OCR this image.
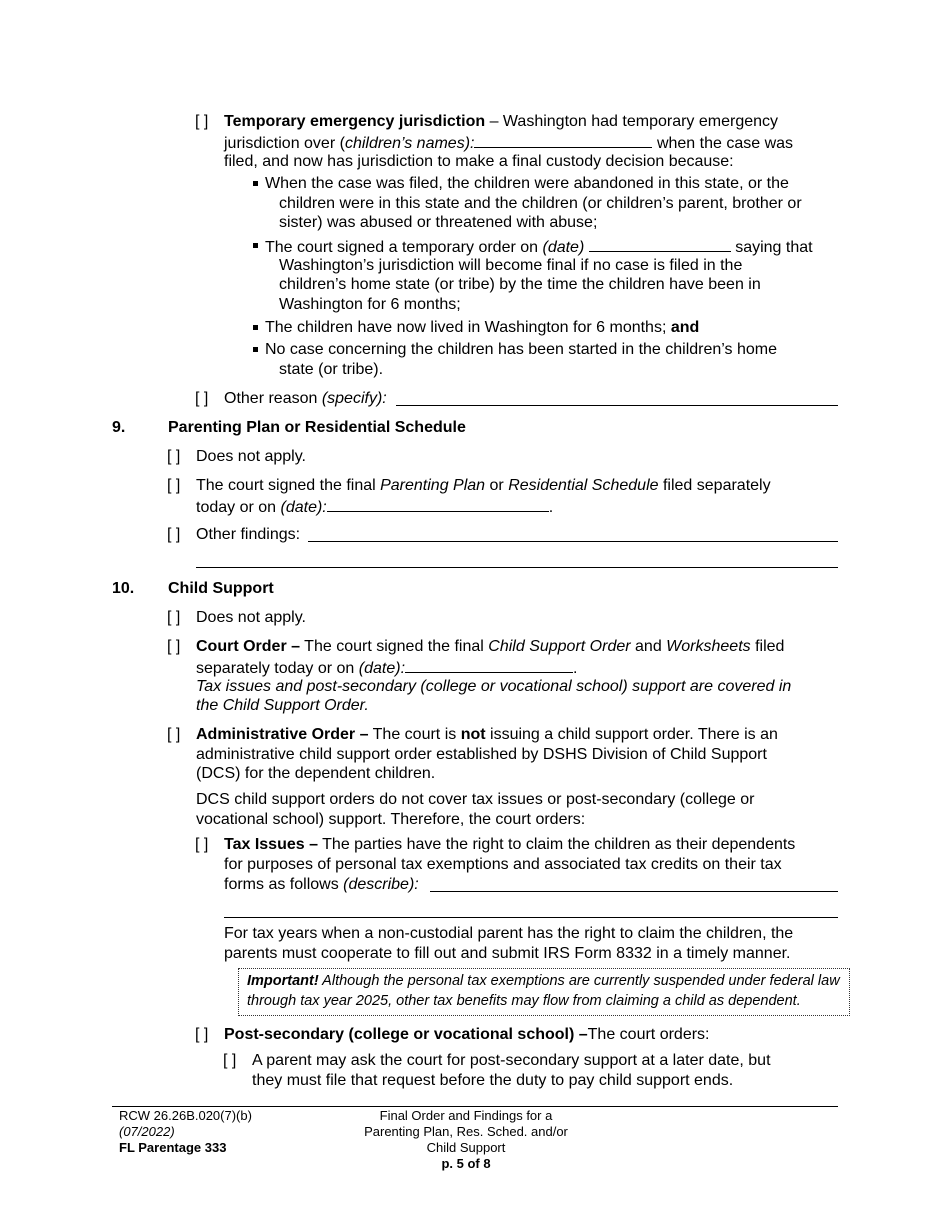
[ ] Temporary emergency jurisdiction – Washington had temporary emergency
jurisdiction over (children’s names):	when the case was
filed, and now has jurisdiction to make a final custody decision because:
When the case was filed, the children were abandoned in this state, or the
children were in this state and the children (or children’s parent, brother or
sister) was abused or threatened with abuse;
The court signed a temporary order on (date)	saying that
Washington’s jurisdiction will become final if no case is filed in the
children’s home state (or tribe) by the time the children have been in
Washington for 6 months;
The children have now lived in Washington for 6 months; and
No case concerning the children has been started in the children’s home
state (or tribe).
[ ] Other reason (specify):
9.	Parenting Plan or Residential Schedule
[ ] Does not apply.
[ ] The court signed the final Parenting Plan or Residential Schedule filed separately
today or on (date):	.
[ ] Other findings:
10. Child Support
[ ] Does not apply.
[ ] Court Order – The court signed the final Child Support Order and Worksheets filed
separately today or on (date):	.
Tax issues and post-secondary (college or vocational school) support are covered in
the Child Support Order.
[ ] Administrative Order – The court is not issuing a child support order. There is an
administrative child support order established by DSHS Division of Child Support
(DCS) for the dependent children.
DCS child support orders do not cover tax issues or post-secondary (college or
vocational school) support. Therefore, the court orders:
[ ] Tax Issues – The parties have the right to claim the children as their dependents
for purposes of personal tax exemptions and associated tax credits on their tax
forms as follows (describe):
For tax years when a non-custodial parent has the right to claim the children, the
parents must cooperate to fill out and submit IRS Form 8332 in a timely manner.
Important! Although the personal tax exemptions are currently suspended under federal law
through tax year 2025, other tax benefits may flow from claiming a child as dependent.
[ ] Post-secondary (college or vocational school) –The court orders:
[ ] A parent may ask the court for post-secondary support at a later date, but
they must file that request before the duty to pay child support ends.
RCW 26.26B.020(7)(b)
(07/2022)
FL Parentage 333
Final Order and Findings for a
Parenting Plan, Res. Sched. and/or
Child Support
p. 5 of 8
